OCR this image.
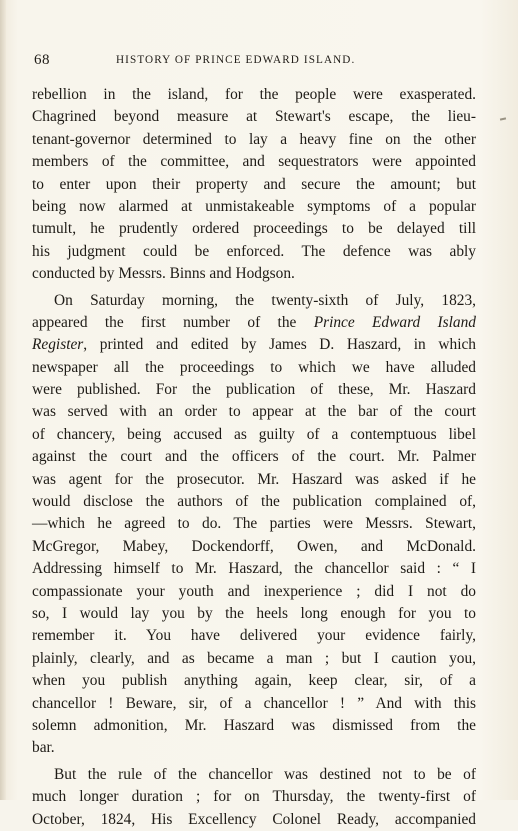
68	HISTORY OF PRINCE EDWARD ISLAND.
rebellion in the island, for the people were exasperated.
Chagrined beyond measure at Stewart's escape, the lieu-
tenant-governor determined to lay a heavy fine on the other
members of the committee, and sequestrators were appointed
to enter upon their property and secure the amount; but
being now alarmed at unmistakeable symptoms of a popular
tumult, he prudently ordered proceedings to be delayed till
his judgment could be enforced. The defence was ably
conducted by Messrs. Binns and Hodgson.
On Saturday morning, the twenty-sixth of July, 1823,
appeared the first number of the Prince Edward Island
Register, printed and edited by James D. Haszard, in which
newspaper all the proceedings to which we have alluded
were published. For the publication of these, Mr. Haszard
was served with an order to appear at the bar of the court
of chancery, being accused as guilty of a contemptuous libel
against the court and the officers of the court. Mr. Palmer
was agent for the prosecutor. Mr. Haszard was asked if he
would disclose the authors of the publication complained of,
—which he agreed to do. The parties were Messrs. Stewart,
McGregor, Mabey, Dockendorff, Owen, and McDonald.
Addressing himself to Mr. Haszard, the chancellor said : “ I
compassionate your youth and inexperience ; did I not do
so, I would lay you by the heels long enough for you to
remember it. You have delivered your evidence fairly,
plainly, clearly, and as became a man ; but I caution you,
when you publish anything again, keep clear, sir, of a
chancellor ! Beware, sir, of a chancellor ! ” And with this
solemn admonition, Mr. Haszard was dismissed from the
bar.
But the rule of the chancellor was destined not to be of
much longer duration ; for on Thursday, the twenty-first of
October, 1824, His Excellency Colonel Ready, accompanied
